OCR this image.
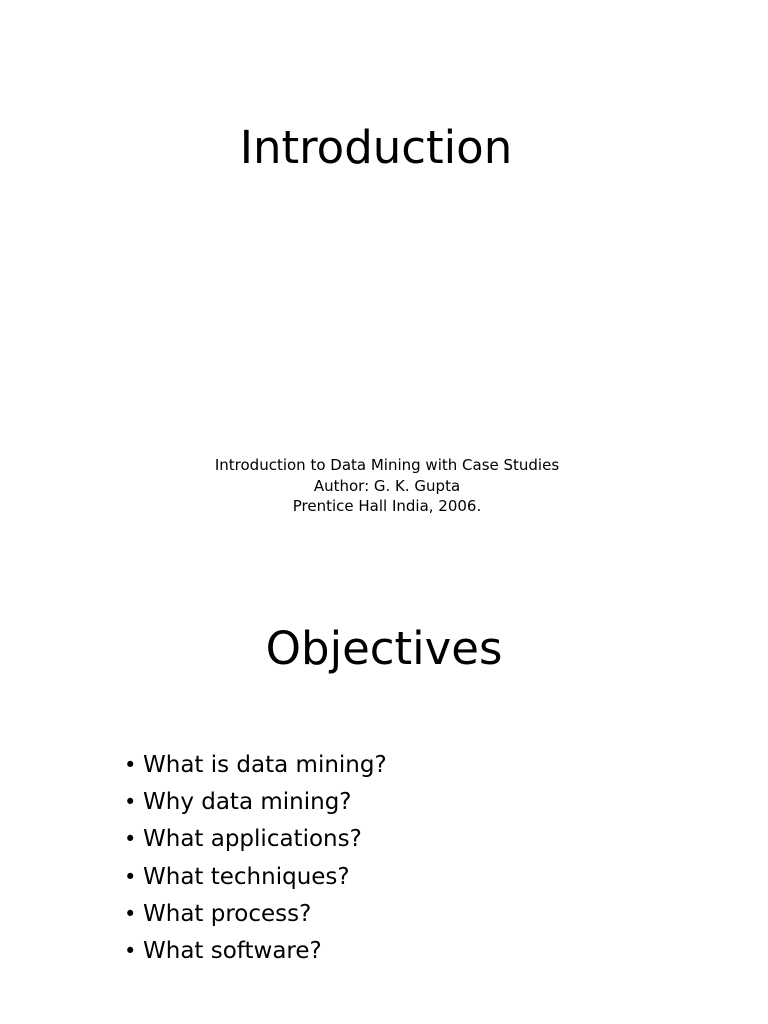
Introduction
Introduction to Data Mining with Case Studies
Author: G. K. Gupta
Prentice Hall India, 2006.
Objectives
• What is data mining?
• Why data mining?
• What applications?
• What techniques?
• What process?
• What software?
